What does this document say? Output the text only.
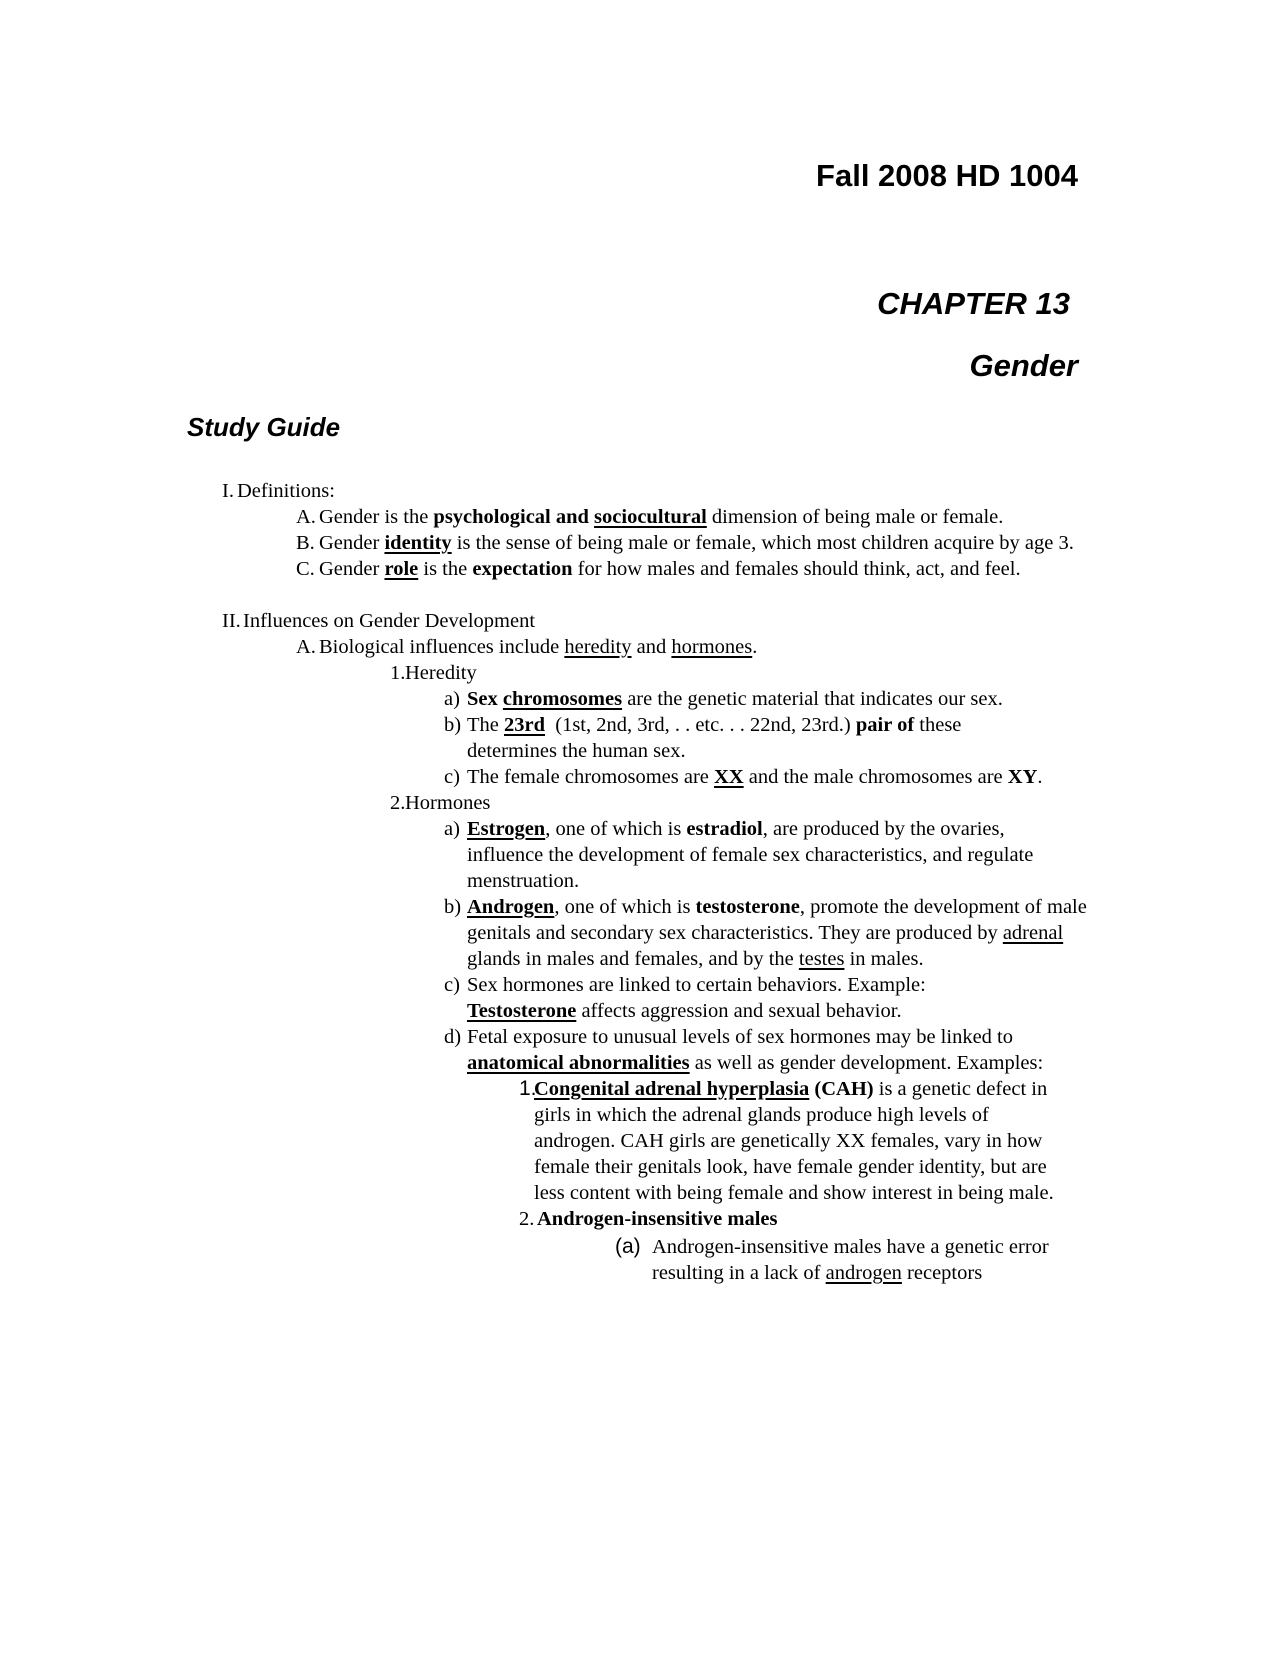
Fall 2008 HD 1004
CHAPTER 13
Gender
Study Guide
I. Definitions:
A. Gender is the psychological and sociocultural dimension of being male or female.
B. Gender identity is the sense of being male or female, which most children acquire by age 3.
C. Gender role is the expectation for how males and females should think, act, and feel.
II. Influences on Gender Development
A. Biological influences include heredity and hormones.
1. Heredity
a) Sex chromosomes are the genetic material that indicates our sex.
b) The 23rd  (1st, 2nd, 3rd, . . etc. . . 22nd, 23rd.) pair of these determines the human sex.
c) The female chromosomes are XX and the male chromosomes are XY.
2. Hormones
a) Estrogen, one of which is estradiol, are produced by the ovaries, influence the development of female sex characteristics, and regulate menstruation.
b) Androgen, one of which is testosterone, promote the development of male genitals and secondary sex characteristics. They are produced by adrenal glands in males and females, and by the testes in males.
c) Sex hormones are linked to certain behaviors. Example: Testosterone affects aggression and sexual behavior.
d) Fetal exposure to unusual levels of sex hormones may be linked to anatomical abnormalities as well as gender development. Examples:
1.
Congenital adrenal hyperplasia (CAH) is a genetic defect in girls in which the adrenal glands produce high levels of androgen. CAH girls are genetically XX females, vary in how female their genitals look, have female gender identity, but are less content with being female and show interest in being male.
2. Androgen-insensitive males
(a) Androgen-insensitive males have a genetic error resulting in a lack of androgen receptors
